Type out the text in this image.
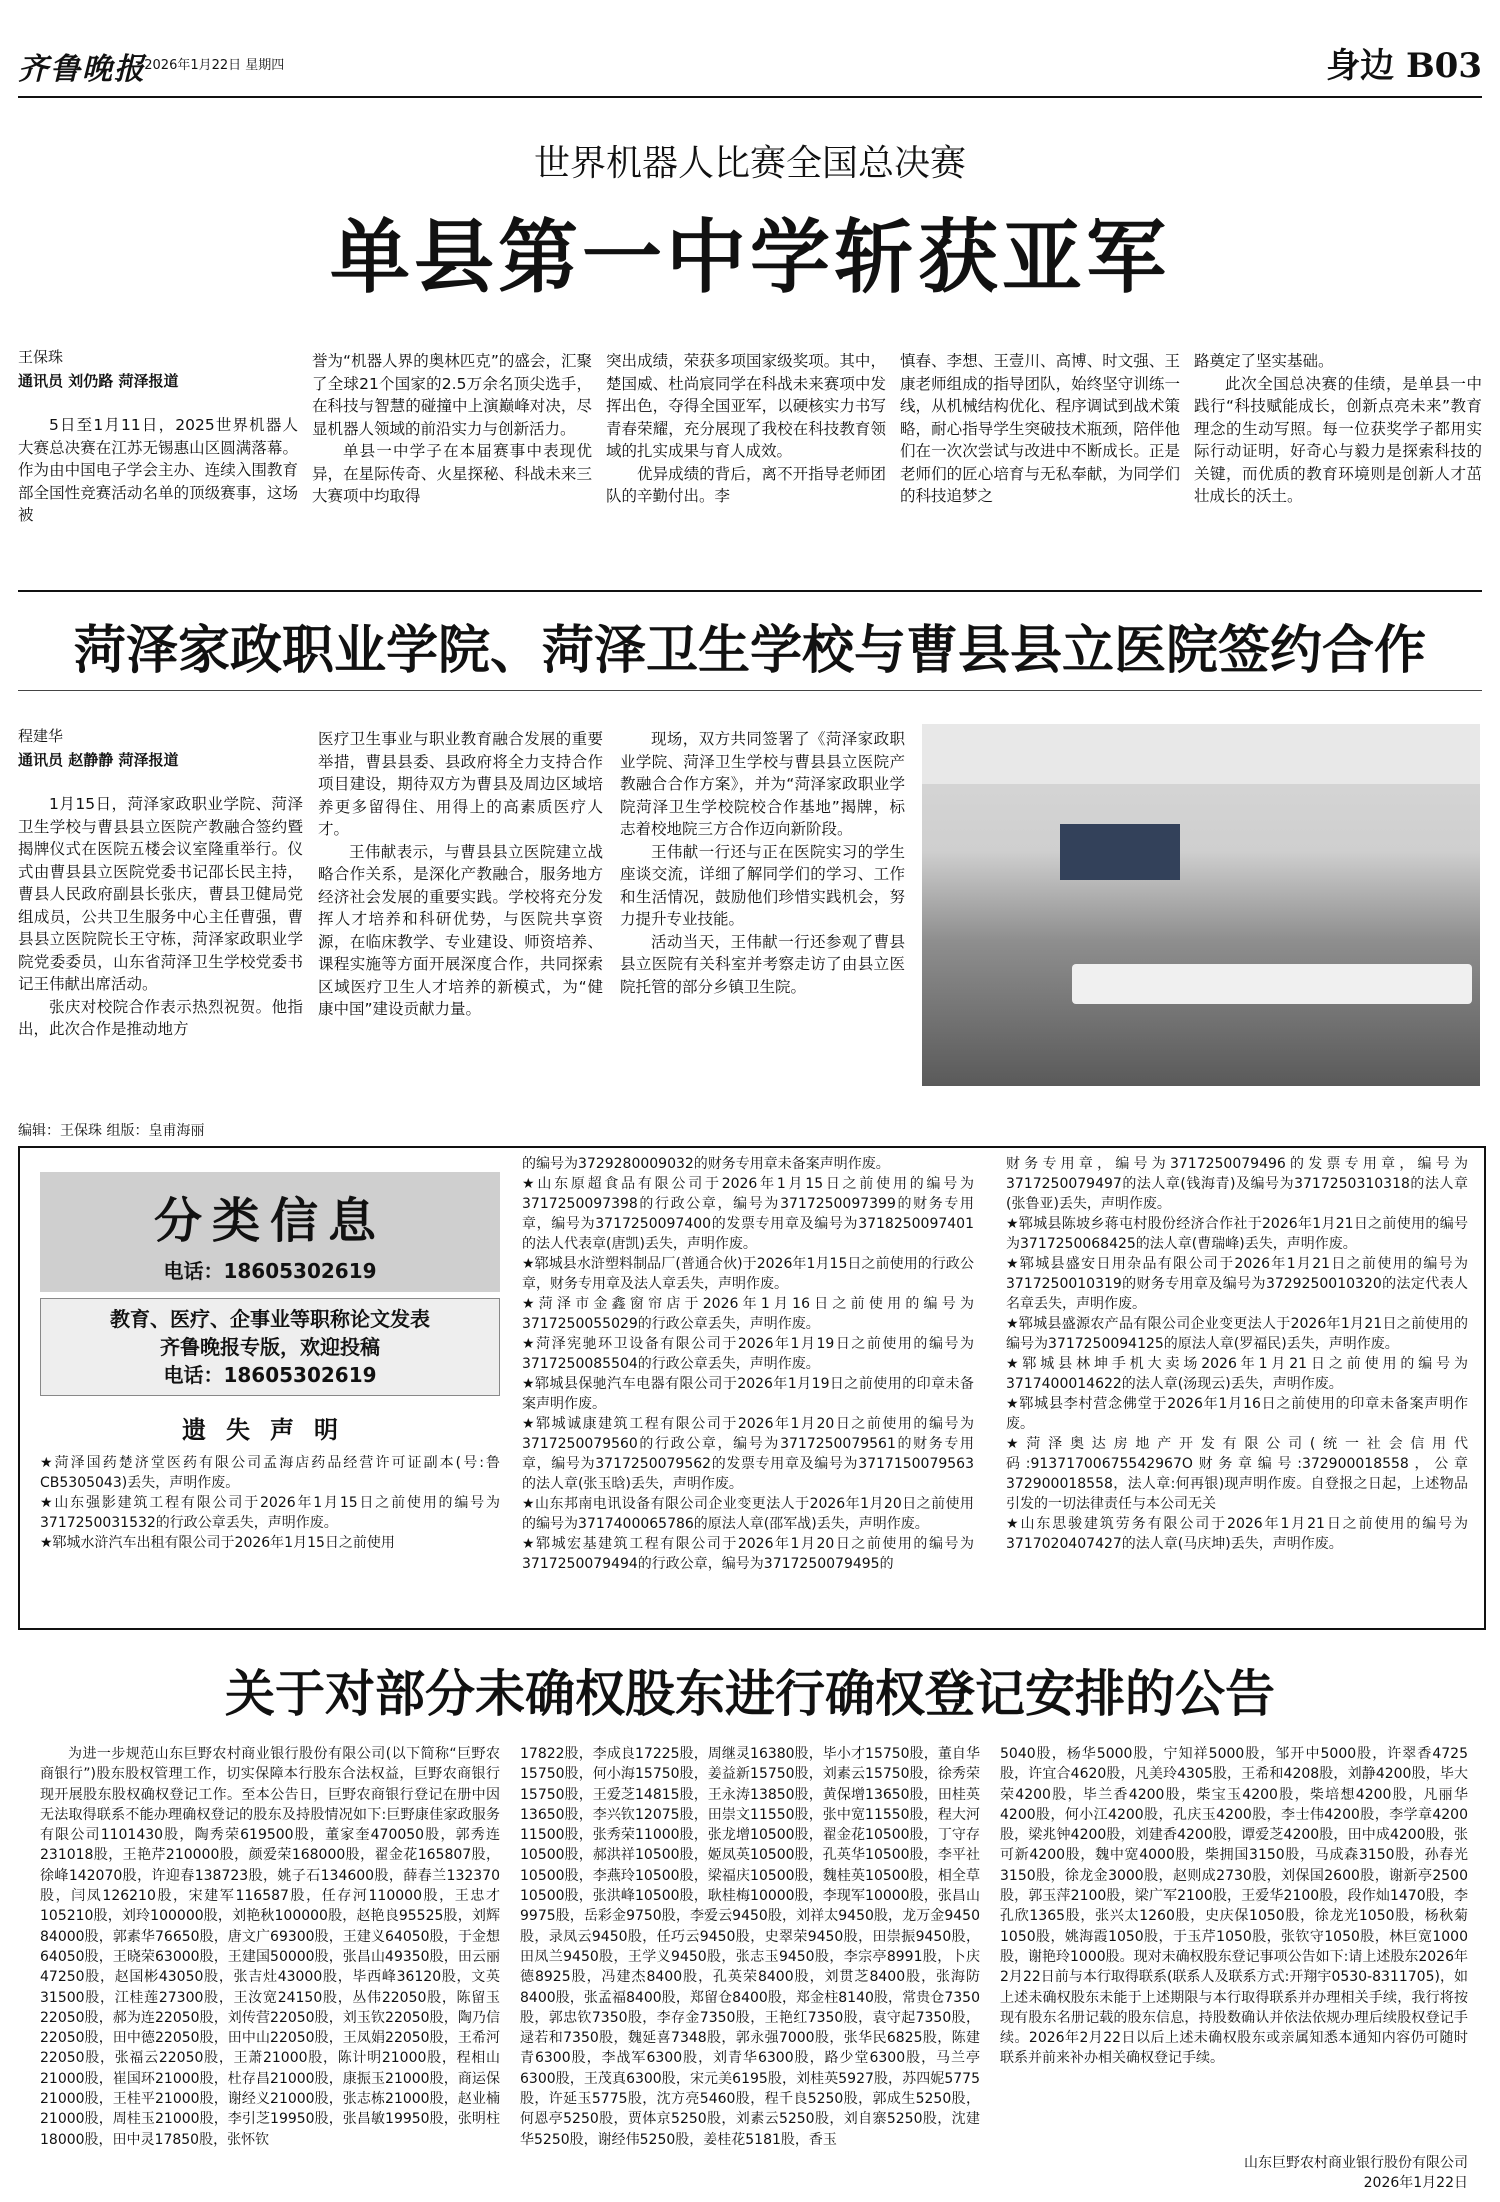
齐鲁晚报
· 2026年1月22日 星期四	身边 B03
世界机器人比赛全国总决赛
单县第一中学斩获亚军
王保珠
通讯员 刘仍路 菏泽报道

5日至1月11日，2025世界机器人大赛总决赛在江苏无锡惠山区圆满落幕。作为由中国电子学会主办、连续入围教育部全国性竞赛活动名单的顶级赛事，这场被

誉为“机器人界的奥林匹克”的盛会，汇聚了全球21个国家的2.5万余名顶尖选手，在科技与智慧的碰撞中上演巅峰对决，尽显机器人领域的前沿实力与创新活力。

单县一中学子在本届赛事中表现优异，在星际传奇、火星探秘、科战未来三大赛项中均取得

突出成绩，荣获多项国家级奖项。其中，楚国威、杜尚宸同学在科战未来赛项中发挥出色，夺得全国亚军，以硬核实力书写青春荣耀，充分展现了我校在科技教育领域的扎实成果与育人成效。

优异成绩的背后，离不开指导老师团队的辛勤付出。李

慎春、李想、王壹川、高博、时文强、王康老师组成的指导团队，始终坚守训练一线，从机械结构优化、程序调试到战术策略，耐心指导学生突破技术瓶颈，陪伴他们在一次次尝试与改进中不断成长。正是老师们的匠心培育与无私奉献，为同学们的科技追梦之

路奠定了坚实基础。

此次全国总决赛的佳绩，是单县一中践行“科技赋能成长，创新点亮未来”教育理念的生动写照。每一位获奖学子都用实际行动证明，好奇心与毅力是探索科技的关键，而优质的教育环境则是创新人才茁壮成长的沃土。

菏泽家政职业学院、菏泽卫生学校与曹县县立医院签约合作
程建华
通讯员 赵静静 菏泽报道

1月15日，菏泽家政职业学院、菏泽卫生学校与曹县县立医院产教融合签约暨揭牌仪式在医院五楼会议室隆重举行。仪式由曹县县立医院党委书记邵长民主持，曹县人民政府副县长张庆，曹县卫健局党组成员，公共卫生服务中心主任曹强，曹县县立医院院长王守栋，菏泽家政职业学院党委委员，山东省菏泽卫生学校党委书记王伟献出席活动。

张庆对校院合作表示热烈祝贺。他指出，此次合作是推动地方

医疗卫生事业与职业教育融合发展的重要举措，曹县县委、县政府将全力支持合作项目建设，期待双方为曹县及周边区域培养更多留得住、用得上的高素质医疗人才。

王伟献表示，与曹县县立医院建立战略合作关系，是深化产教融合，服务地方经济社会发展的重要实践。学校将充分发挥人才培养和科研优势，与医院共享资源，在临床教学、专业建设、师资培养、课程实施等方面开展深度合作，共同探索区域医疗卫生人才培养的新模式，为“健康中国”建设贡献力量。

现场，双方共同签署了《菏泽家政职业学院、菏泽卫生学校与曹县县立医院产教融合合作方案》，并为“菏泽家政职业学院菏泽卫生学校院校合作基地”揭牌，标志着校地院三方合作迈向新阶段。

王伟献一行还与正在医院实习的学生座谈交流，详细了解同学们的学习、工作和生活情况，鼓励他们珍惜实践机会，努力提升专业技能。

活动当天，王伟献一行还参观了曹县县立医院有关科室并考察走访了由县立医院托管的部分乡镇卫生院。

编辑：王保珠 组版：皇甫海丽
分类信息
电话：18605302619
教育、医疗、企事业等职称论文发表
齐鲁晚报专版，欢迎投稿
电话：18605302619
遗失声明

★菏泽国药楚济堂医药有限公司孟海店药品经营许可证副本(号:鲁CB5305043)丢失，声明作废。

★山东强影建筑工程有限公司于2026年1月15日之前使用的编号为3717250031532的行政公章丢失，声明作废。

★郓城水浒汽车出租有限公司于2026年1月15日之前使用

的编号为3729280009032的财务专用章未备案声明作废。

★山东原超食品有限公司于2026年1月15日之前使用的编号为3717250097398的行政公章，编号为3717250097399的财务专用章，编号为3717250097400的发票专用章及编号为3718250097401的法人代表章(唐凯)丢失，声明作废。

★郓城县水浒塑料制品厂(普通合伙)于2026年1月15日之前使用的行政公章，财务专用章及法人章丢失，声明作废。

★菏泽市金鑫窗帘店于2026年1月16日之前使用的编号为3717250055029的行政公章丢失，声明作废。

★菏泽宪驰环卫设备有限公司于2026年1月19日之前使用的编号为3717250085504的行政公章丢失，声明作废。

★郓城县保驰汽车电器有限公司于2026年1月19日之前使用的印章未备案声明作废。

★郓城诚康建筑工程有限公司于2026年1月20日之前使用的编号为3717250079560的行政公章，编号为3717250079561的财务专用章，编号为3717250079562的发票专用章及编号为3717150079563的法人章(张玉晗)丢失，声明作废。

★山东邦南电讯设备有限公司企业变更法人于2026年1月20日之前使用的编号为3717400065786的原法人章(邵军战)丢失，声明作废。

★郓城宏基建筑工程有限公司于2026年1月20日之前使用的编号为3717250079494的行政公章，编号为3717250079495的

财务专用章，编号为3717250079496的发票专用章，编号为3717250079497的法人章(钱海青)及编号为3717250310318的法人章(张鲁亚)丢失，声明作废。

★郓城县陈坡乡蒋屯村股份经济合作社于2026年1月21日之前使用的编号为3717250068425的法人章(曹瑞峰)丢失，声明作废。

★郓城县盛安日用杂品有限公司于2026年1月21日之前使用的编号为3717250010319的财务专用章及编号为3729250010320的法定代表人名章丢失，声明作废。

★郓城县盛源农产品有限公司企业变更法人于2026年1月21日之前使用的编号为3717250094125的原法人章(罗福民)丢失，声明作废。

★郓城县林坤手机大卖场2026年1月21日之前使用的编号为3717400014622的法人章(汤现云)丢失，声明作废。

★郓城县李村营念佛堂于2026年1月16日之前使用的印章未备案声明作废。

★菏泽奥达房地产开发有限公司(统一社会信用代码:91371700675542967O财务章编号:372900018558，公章372900018558，法人章:何再银)现声明作废。自登报之日起，上述物品引发的一切法律责任与本公司无关

★山东思骏建筑劳务有限公司于2026年1月21日之前使用的编号为3717020407427的法人章(马庆坤)丢失，声明作废。

关于对部分未确权股东进行确权登记安排的公告

为进一步规范山东巨野农村商业银行股份有限公司(以下简称“巨野农商银行”)股东股权管理工作，切实保障本行股东合法权益，巨野农商银行现开展股东股权确权登记工作。至本公告日，巨野农商银行登记在册中因无法取得联系不能办理确权登记的股东及持股情况如下:巨野康佳家政服务有限公司1101430股，陶秀荣619500股，董家奎470050股，郭秀连231018股，王艳芹210000股，颜爱荣168000股，翟金花165807股，徐峰142070股，许迎春138723股，姚子石134600股，薛春兰132370股，闫凤126210股，宋建军116587股，任存河110000股，王忠才105210股，刘玲100000股，刘艳秋100000股，赵艳良95525股，刘辉84000股，郭素华76650股，唐文广69300股，王建义64050股，于金想64050股，王晓荣63000股，王建国50000股，张昌山49350股，田云丽47250股，赵国彬43050股，张吉灶43000股，毕西峰36120股，文英31500股，江桂莲27300股，王汝宽24150股，丛伟22050股，陈留玉22050股，郝为连22050股，刘传营22050股，刘玉钦22050股，陶乃信22050股，田中德22050股，田中山22050股，王凤娟22050股，王希河22050股，张福云22050股，王萧21000股，陈计明21000股，程相山21000股，崔国环21000股，杜存昌21000股，康振玉21000股，商运保21000股，王桂平21000股，谢经义21000股，张志栋21000股，赵业楠21000股，周桂玉21000股，李引芝19950股，张昌敏19950股，张明柱18000股，田中灵17850股，张怀钦

17822股，李成良17225股，周继灵16380股，毕小才15750股，董自华15750股，何小海15750股，姜益新15750股，刘素云15750股，徐秀荣15750股，王爱芝14815股，王永涛13850股，黄保增13650股，田桂英13650股，李兴钦12075股，田崇文11550股，张中宽11550股，程大河11500股，张秀荣11000股，张龙增10500股，翟金花10500股，丁守存10500股，郝洪祥10500股，姬凤英10500股，孔英华10500股，李平社10500股，李燕玲10500股，梁福庆10500股，魏桂英10500股，相全草10500股，张洪峰10500股，耿桂梅10000股，李现军10000股，张昌山9975股，岳彩金9750股，李爱云9450股，刘祥太9450股，龙万金9450股，录凤云9450股，任巧云9450股，史翠荣9450股，田崇振9450股，田凤兰9450股，王学义9450股，张志玉9450股，李宗亭8991股，卜庆德8925股，冯建杰8400股，孔英荣8400股，刘贯芝8400股，张海防8400股，张孟福8400股，郑留仓8400股，郑金柱8140股，常贵仓7350股，郭忠钦7350股，李存金7350股，王艳红7350股，袁守起7350股，逯若和7350股，魏延喜7348股，郭永强7000股，张华民6825股，陈建青6300股，李战军6300股，刘青华6300股，路少堂6300股，马兰亭6300股，王茂真6300股，宋元美6195股，刘桂英5927股，苏四妮5775股，许延玉5775股，沈方亮5460股，程千良5250股，郭成生5250股，何恩亭5250股，贾体京5250股，刘素云5250股，刘自寨5250股，沈建华5250股，谢经伟5250股，姜桂花5181股，香玉

5040股，杨华5000股，宁知祥5000股，邹开中5000股，许翠香4725股，许宜合4620股，凡美玲4305股，王希和4208股，刘静4200股，毕大荣4200股，毕兰香4200股，柴宝玉4200股，柴培想4200股，凡丽华4200股，何小江4200股，孔庆玉4200股，李士伟4200股，李学章4200股，梁兆钟4200股，刘建香4200股，谭爱芝4200股，田中成4200股，张可新4200股，魏中宽4000股，柴拥国3150股，马成森3150股，孙春光3150股，徐龙金3000股，赵则成2730股，刘保国2600股，谢新亭2500股，郭玉萍2100股，梁广军2100股，王爱华2100股，段作灿1470股，李孔欣1365股，张兴太1260股，史庆保1050股，徐龙光1050股，杨秋菊1050股，姚海霞1050股，于玉芹1050股，张钦守1050股，林巨宽1000股，谢艳玲1000股。现对未确权股东登记事项公告如下:请上述股东2026年2月22日前与本行取得联系(联系人及联系方式:开翔宇0530-8311705)，如上述未确权股东未能于上述期限与本行取得联系并办理相关手续，我行将按现有股东名册记载的股东信息，持股数确认并依法依规办理后续股权登记手续。2026年2月22日以后上述未确权股东或亲属知悉本通知内容仍可随时联系并前来补办相关确权登记手续。

山东巨野农村商业银行股份有限公司
2026年1月22日
